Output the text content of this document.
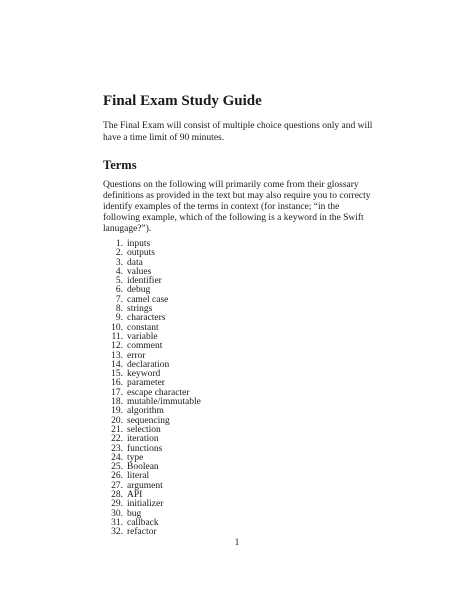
Final Exam Study Guide

The Final Exam will consist of multiple choice questions only and will have a time limit of 90 minutes.

Terms

Questions on the following will primarily come from their glossary definitions as provided in the text but may also require you to correcty identify examples of the terms in context (for instance; “in the following example, which of the following is a keyword in the Swift lanugage?”).

1. inputs
2. outputs
3. data
4. values
5. identifier
6. debug
7. camel case
8. strings
9. characters
10. constant
11. variable
12. comment
13. error
14. declaration
15. keyword
16. parameter
17. escape character
18. mutable/immutable
19. algorithm
20. sequencing
21. selection
22. iteration
23. functions
24. type
25. Boolean
26. literal
27. argument
28. API
29. initializer
30. bug
31. callback
32. refactor
1
